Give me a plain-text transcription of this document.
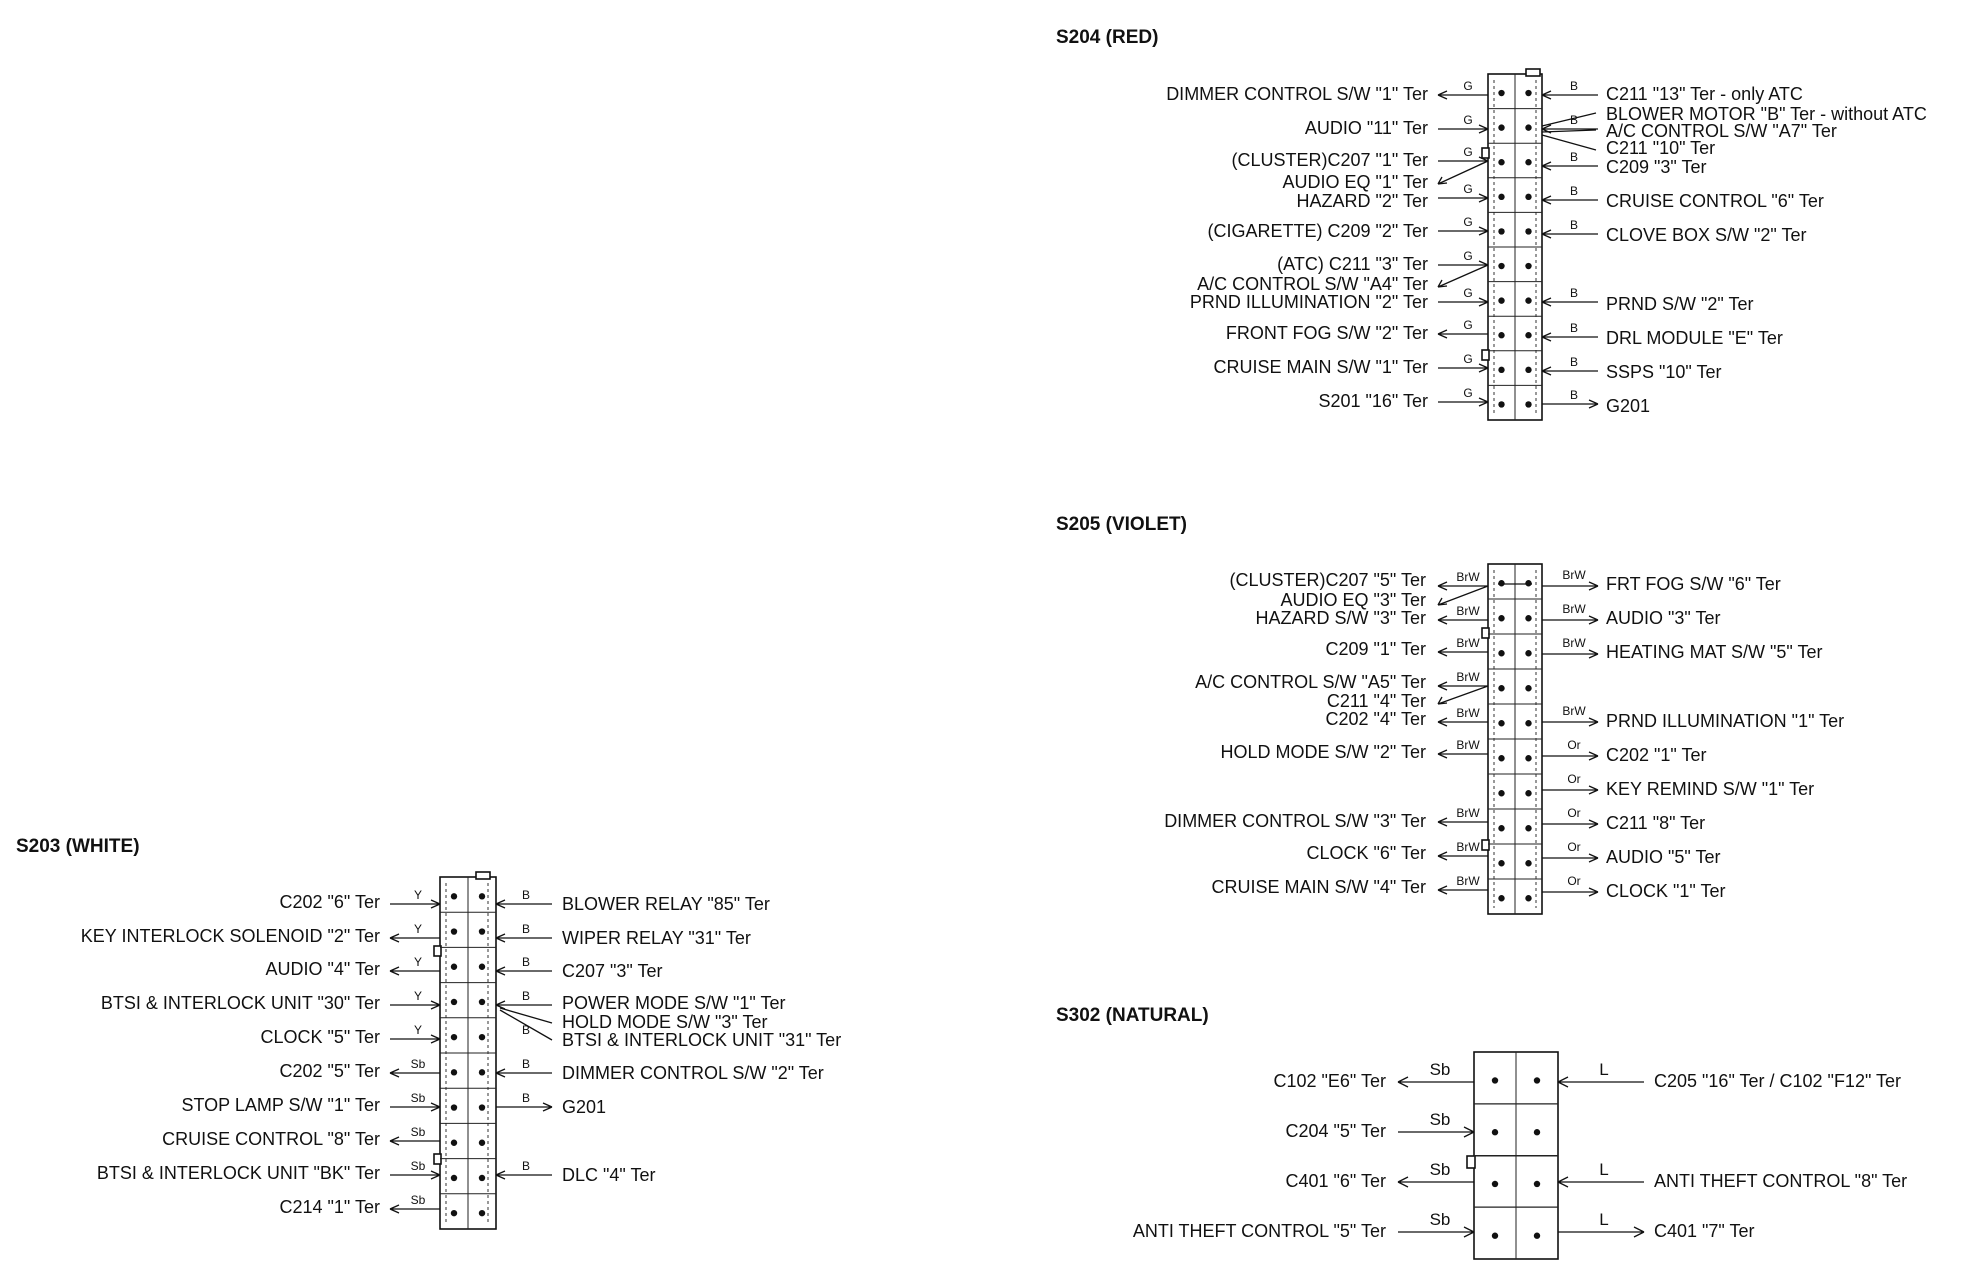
S204 (RED)
DIMMER CONTROL S/W "1" Ter
AUDIO "11" Ter
(CLUSTER)C207 "1" Ter
AUDIO EQ "1" Ter
HAZARD "2" Ter
(CIGARETTE) C209 "2" Ter
(ATC) C211 "3" Ter
A/C CONTROL S/W "A4" Ter
PRND ILLUMINATION "2" Ter
FRONT FOG S/W "2" Ter
CRUISE MAIN S/W "1" Ter
S201 "16" Ter
G
G
G
G
G
G
G
G
G
G
C211 "13" Ter - only ATC
BLOWER MOTOR "B" Ter - without ATC
A/C CONTROL S/W "A7" Ter
C211 "10" Ter
C209 "3" Ter
CRUISE CONTROL "6" Ter
CLOVE BOX S/W "2" Ter
PRND S/W "2" Ter
DRL MODULE "E" Ter
SSPS "10" Ter
G201
B
B
B
B
B
B
B
B
B
S205 (VIOLET)
(CLUSTER)C207 "5" Ter
AUDIO EQ "3" Ter
HAZARD S/W "3" Ter
C209 "1" Ter
A/C CONTROL S/W "A5" Ter
C211 "4" Ter
C202 "4" Ter
HOLD MODE S/W "2" Ter
DIMMER CONTROL S/W "3" Ter
CLOCK "6" Ter
CRUISE MAIN S/W "4" Ter
BrW
BrW
BrW
BrW
BrW
BrW
BrW
BrW
BrW
FRT FOG S/W "6" Ter
AUDIO "3" Ter
HEATING MAT S/W "5" Ter
PRND ILLUMINATION "1" Ter
C202 "1" Ter
KEY REMIND S/W "1" Ter
C211 "8" Ter
AUDIO "5" Ter
CLOCK "1" Ter
BrW
BrW
BrW
BrW
Or
Or
Or
Or
Or
S203 (WHITE)
C202 "6" Ter
KEY INTERLOCK SOLENOID "2" Ter
AUDIO "4" Ter
BTSI & INTERLOCK UNIT "30" Ter
CLOCK "5" Ter
C202 "5" Ter
STOP LAMP S/W "1" Ter
CRUISE CONTROL "8" Ter
BTSI & INTERLOCK UNIT "BK" Ter
C214 "1" Ter
Y
Y
Y
Y
Y
Sb
Sb
Sb
Sb
Sb
BLOWER RELAY "85" Ter
WIPER RELAY "31" Ter
C207 "3" Ter
POWER MODE S/W "1" Ter
HOLD MODE S/W "3" Ter
BTSI & INTERLOCK UNIT "31" Ter
DIMMER CONTROL S/W "2" Ter
G201
DLC "4" Ter
B
B
B
B
B
B
B
B
S302 (NATURAL)
C102 "E6" Ter
C204 "5" Ter
C401 "6" Ter
ANTI THEFT CONTROL "5" Ter
Sb
Sb
Sb
Sb
C205 "16" Ter / C102 "F12" Ter
ANTI THEFT CONTROL "8" Ter
C401 "7" Ter
L
L
L
